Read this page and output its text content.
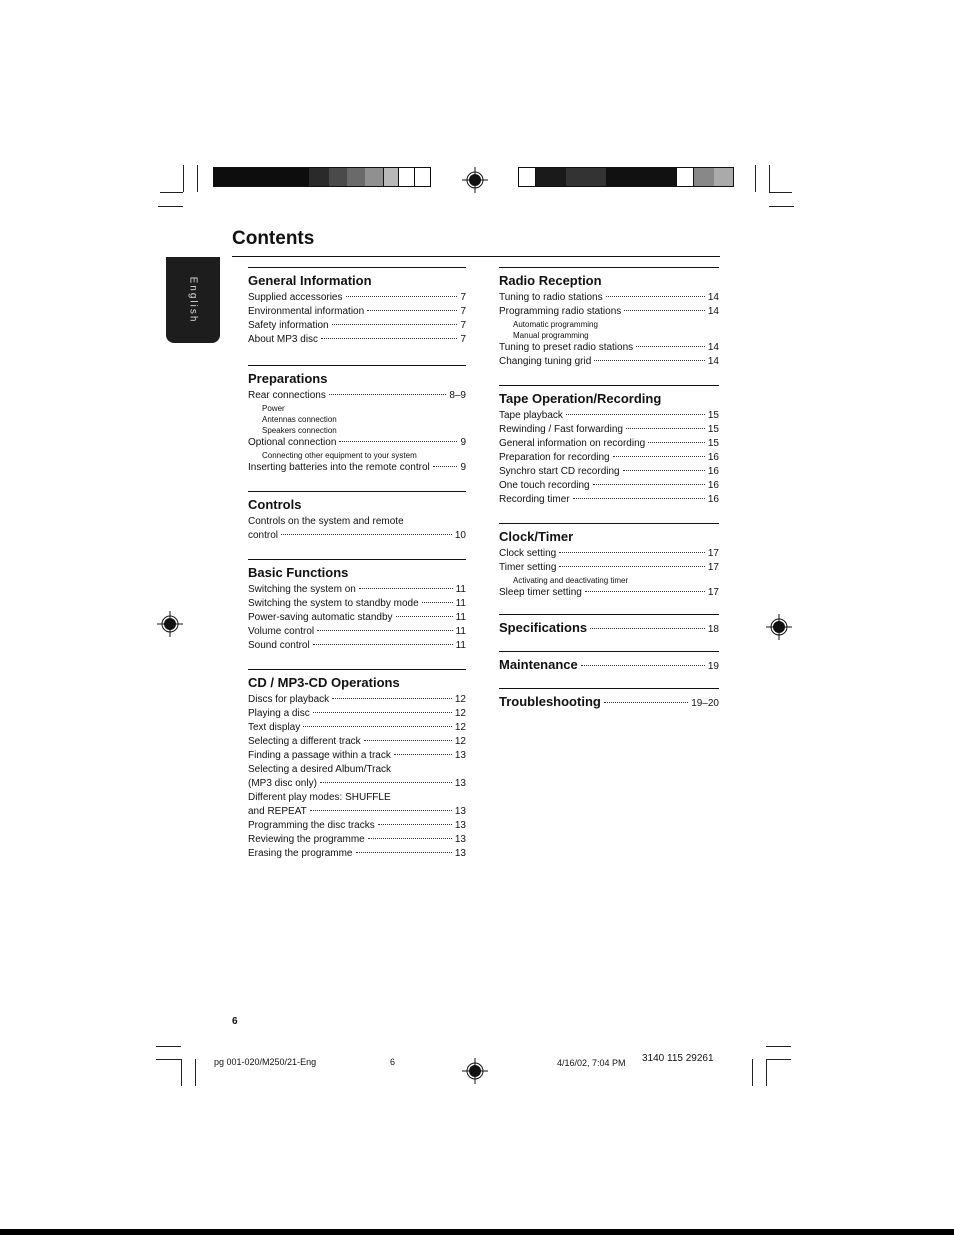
English
Contents
General Information
Supplied accessories	7
Environmental information	7
Safety information	7
About MP3 disc	7
Preparations
Rear connections	8–9
Power
Antennas connection
Speakers connection
Optional connection	9
Connecting other equipment to your system
Inserting batteries into the remote control	9
Controls
Controls on the system and remote
control	10
Basic Functions
Switching the system on	11
Switching the system to standby mode	11
Power-saving automatic standby	11
Volume control	11
Sound control	11
CD / MP3-CD Operations
Discs for playback	12
Playing a disc	12
Text display	12
Selecting a different track	12
Finding a passage within a track	13
Selecting a desired Album/Track
(MP3 disc only)	13
Different play modes: SHUFFLE
and REPEAT	13
Programming the disc tracks	13
Reviewing the programme	13
Erasing the programme	13
Radio Reception
Tuning to radio stations	14
Programming radio stations	14
Automatic programming
Manual programming
Tuning to preset radio stations	14
Changing tuning grid	14
Tape Operation/Recording
Tape playback	15
Rewinding / Fast forwarding	15
General information on recording	15
Preparation for recording	16
Synchro start CD recording	16
One touch recording	16
Recording timer	16
Clock/Timer
Clock setting	17
Timer setting	17
Activating and deactivating timer
Sleep timer setting	17
Specifications	18
Maintenance	19
Troubleshooting	19–20
6
pg 001-020/M250/21-Eng	6	4/16/02, 7:04 PM 3140 115 29261
